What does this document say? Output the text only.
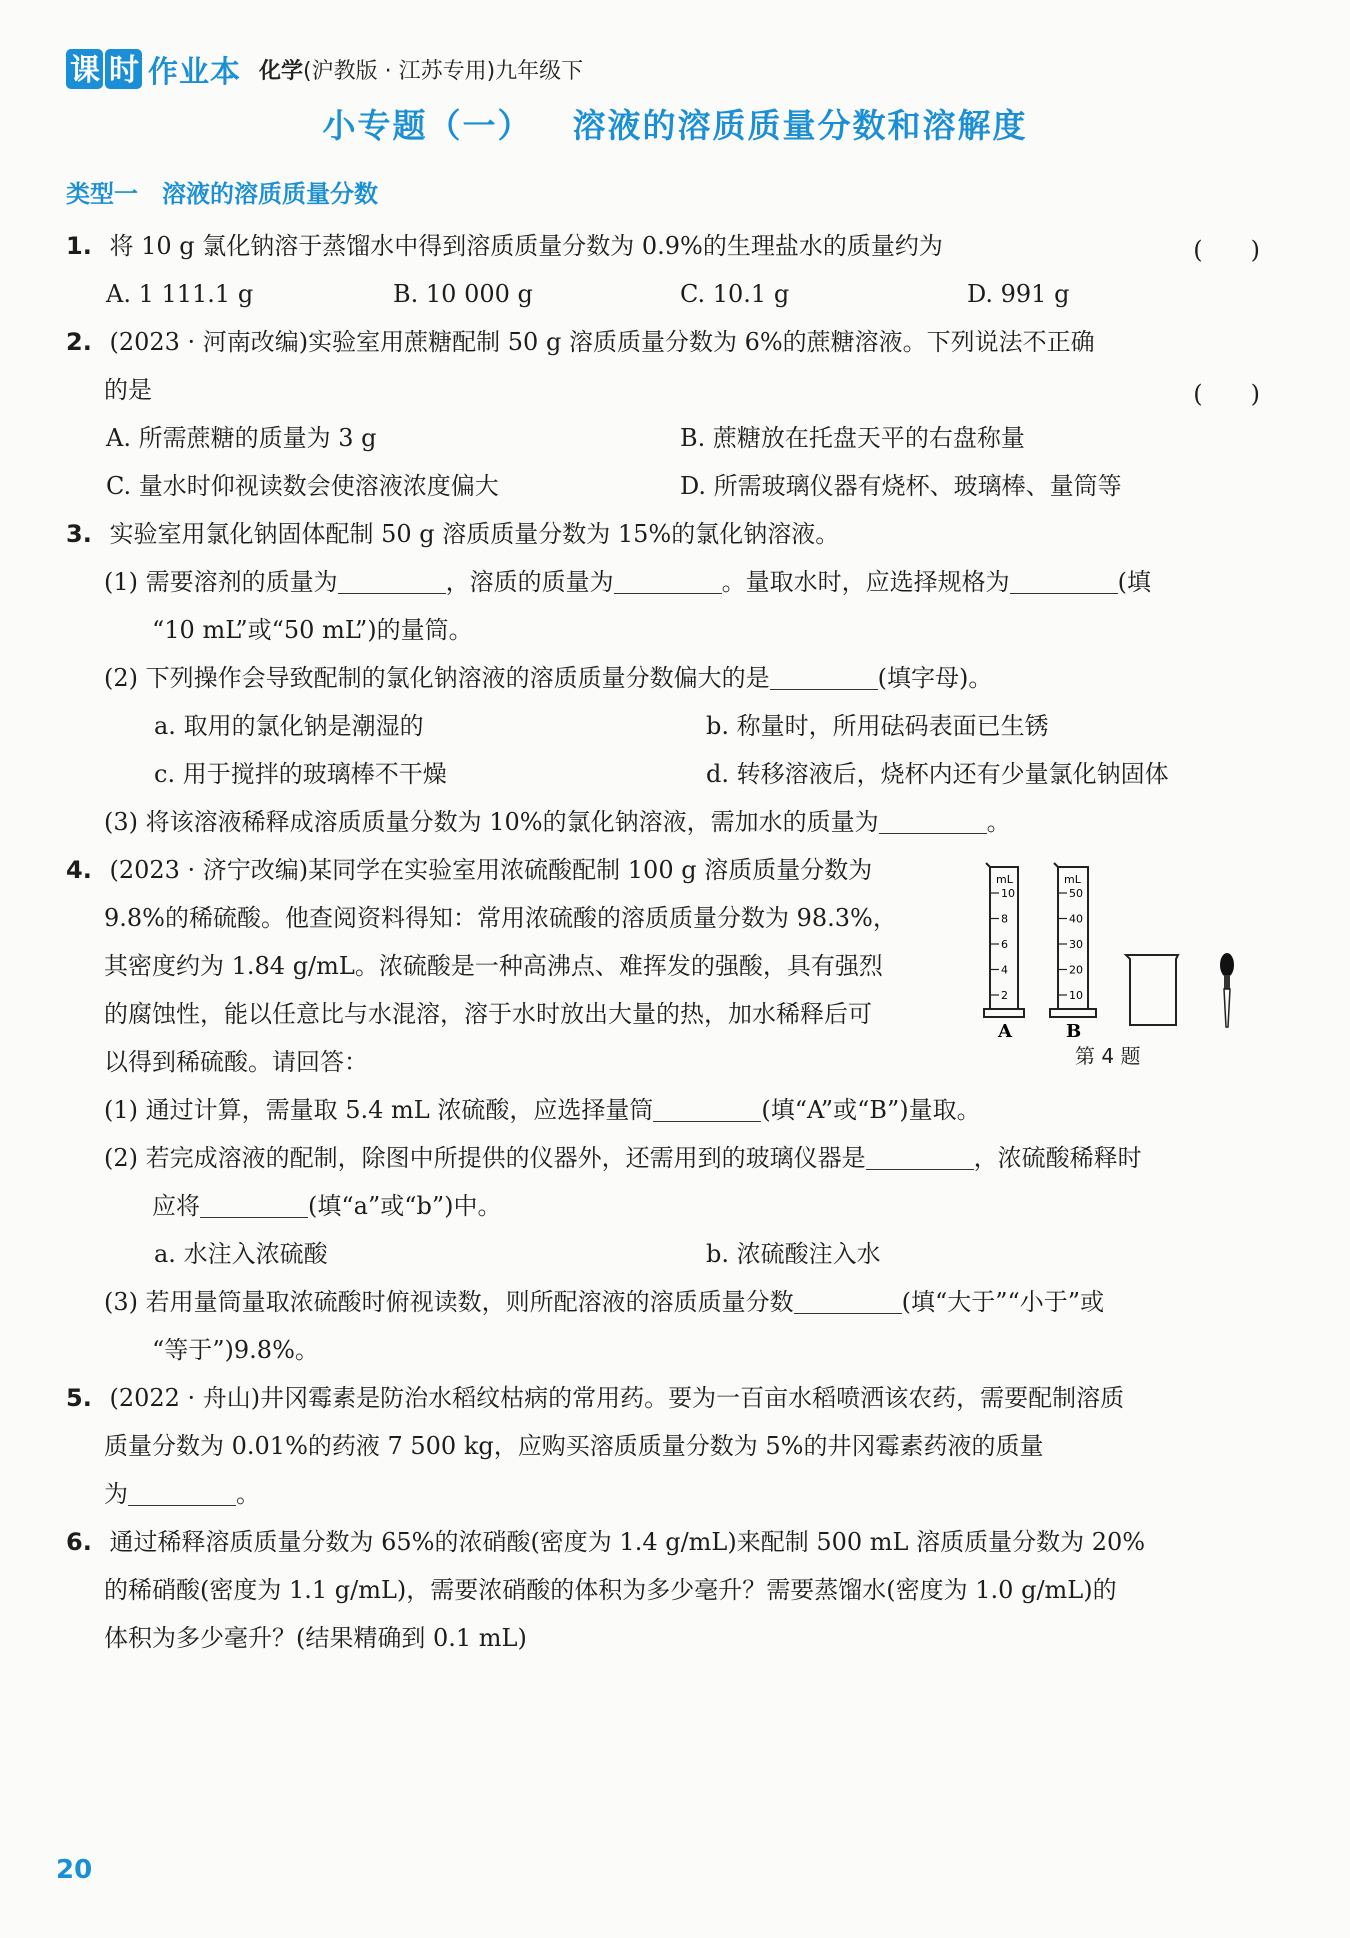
课 时 作业本 化学(沪教版 · 江苏专用)九年级下
小专题（一） 溶液的溶质质量分数和溶解度
类型一 溶液的溶质质量分数
1. 将 10 g 氯化钠溶于蒸馏水中得到溶质质量分数为 0.9%的生理盐水的质量约为	(　　)
A. 1 111.1 g	B. 10 000 g	C. 10.1 g	D. 991 g
2. (2023 · 河南改编)实验室用蔗糖配制 50 g 溶质质量分数为 6%的蔗糖溶液。下列说法不正确
的是	(　　)
A. 所需蔗糖的质量为 3 g	B. 蔗糖放在托盘天平的右盘称量
C. 量水时仰视读数会使溶液浓度偏大	D. 所需玻璃仪器有烧杯、玻璃棒、量筒等
3. 实验室用氯化钠固体配制 50 g 溶质质量分数为 15%的氯化钠溶液。
(1) 需要溶剂的质量为	，溶质的质量为	。量取水时，应选择规格为	(填
“10 mL”或“50 mL”)的量筒。
(2) 下列操作会导致配制的氯化钠溶液的溶质质量分数偏大的是	(填字母)。
a. 取用的氯化钠是潮湿的	b. 称量时，所用砝码表面已生锈
c. 用于搅拌的玻璃棒不干燥	d. 转移溶液后，烧杯内还有少量氯化钠固体
(3) 将该溶液稀释成溶质质量分数为 10%的氯化钠溶液，需加水的质量为	。
4. (2023 · 济宁改编)某同学在实验室用浓硫酸配制 100 g 溶质质量分数为
9.8%的稀硫酸。他查阅资料得知：常用浓硫酸的溶质质量分数为 98.3%，
其密度约为 1.84 g/mL。浓硫酸是一种高沸点、难挥发的强酸，具有强烈
的腐蚀性，能以任意比与水混溶，溶于水时放出大量的热，加水稀释后可
以得到稀硫酸。请回答：
mL
10
8
6
4
2
A
mL
50
40
30
20
10
B
第 4 题
(1) 通过计算，需量取 5.4 mL 浓硫酸，应选择量筒	(填“A”或“B”)量取。
(2) 若完成溶液的配制，除图中所提供的仪器外，还需用到的玻璃仪器是	，浓硫酸稀释时
应将	(填“a”或“b”)中。
a. 水注入浓硫酸	b. 浓硫酸注入水
(3) 若用量筒量取浓硫酸时俯视读数，则所配溶液的溶质质量分数	(填“大于”“小于”或
“等于”)9.8%。
5. (2022 · 舟山)井冈霉素是防治水稻纹枯病的常用药。要为一百亩水稻喷洒该农药，需要配制溶质
质量分数为 0.01%的药液 7 500 kg，应购买溶质质量分数为 5%的井冈霉素药液的质量
为	。
6. 通过稀释溶质质量分数为 65%的浓硝酸(密度为 1.4 g/mL)来配制 500 mL 溶质质量分数为 20%
的稀硝酸(密度为 1.1 g/mL)，需要浓硝酸的体积为多少毫升？需要蒸馏水(密度为 1.0 g/mL)的
体积为多少毫升？(结果精确到 0.1 mL)
20
